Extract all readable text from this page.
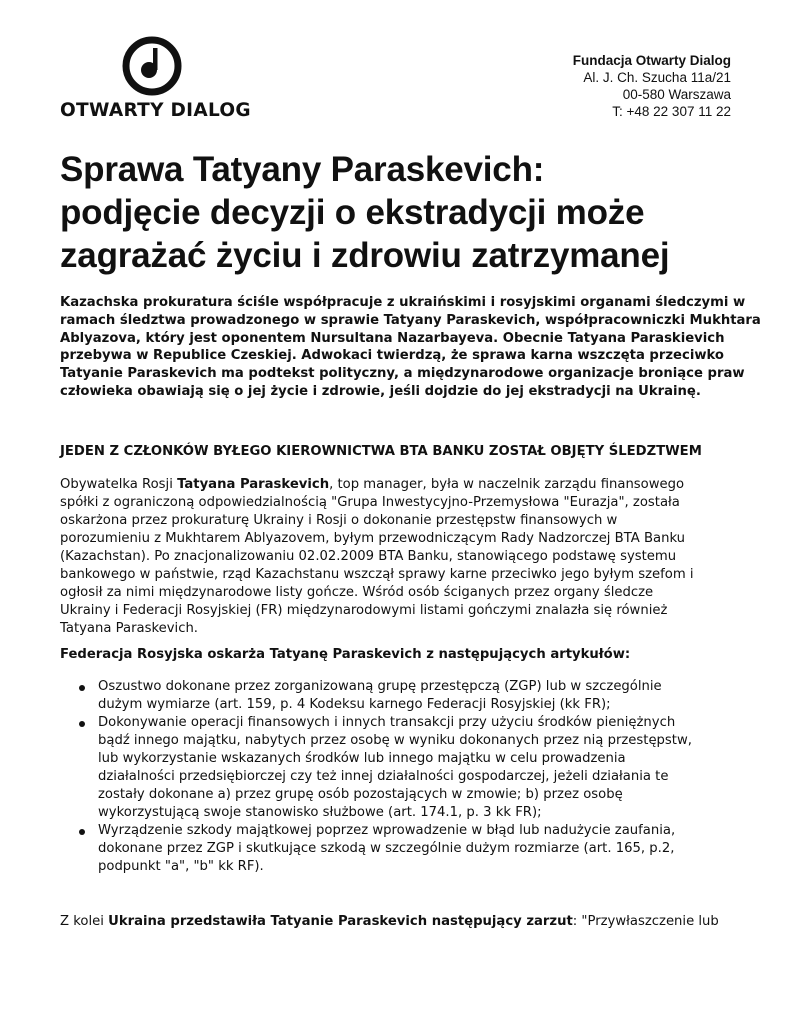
OTWARTY DIALOG
Fundacja Otwarty Dialog
Al. J. Ch. Szucha 11a/21
00-580 Warszawa
T: +48 22 307 11 22
Sprawa Tatyany Paraskevich:
podjęcie decyzji o ekstradycji może
zagrażać życiu i zdrowiu zatrzymanej

Kazachska prokuratura ściśle współpracuje z ukraińskimi i rosyjskimi organami śledczymi w
ramach śledztwa prowadzonego w sprawie Tatyany Paraskevich, współpracowniczki Mukhtara
Ablyazova, który jest oponentem Nursultana Nazarbayeva. Obecnie Tatyana Paraskievich
przebywa w Republice Czeskiej. Adwokaci twierdzą, że sprawa karna wszczęta przeciwko
Tatyanie Paraskevich ma podtekst polityczny, a międzynarodowe organizacje broniące praw
człowieka obawiają się o jej życie i zdrowie, jeśli dojdzie do jej ekstradycji na Ukrainę.

JEDEN Z CZŁONKÓW BYŁEGO KIEROWNICTWA BTA BANKU ZOSTAŁ OBJĘTY ŚLEDZTWEM

Obywatelka Rosji Tatyana Paraskevich, top manager, była w naczelnik zarządu finansowego
spółki z ograniczoną odpowiedzialnością "Grupa Inwestycyjno-Przemysłowa "Eurazja", została
oskarżona przez prokuraturę Ukrainy i Rosji o dokonanie przestępstw finansowych w
porozumieniu z Mukhtarem Ablyazovem, byłym przewodniczącym Rady Nadzorczej BTA Banku
(Kazachstan). Po znacjonalizowaniu 02.02.2009 BTA Banku, stanowiącego podstawę systemu
bankowego w państwie, rząd Kazachstanu wszczął sprawy karne przeciwko jego byłym szefom i
ogłosił za nimi międzynarodowe listy gończe. Wśród osób ściganych przez organy śledcze
Ukrainy i Federacji Rosyjskiej (FR) międzynarodowymi listami gończymi znalazła się również
Tatyana Paraskevich.

Federacja Rosyjska oskarża Tatyanę Paraskevich z następujących artykułów:

Oszustwo dokonane przez zorganizowaną grupę przestępczą (ZGP) lub w szczególnie
dużym wymiarze (art. 159, p. 4 Kodeksu karnego Federacji Rosyjskiej (kk FR);
Dokonywanie operacji finansowych i innych transakcji przy użyciu środków pieniężnych
bądź innego majątku, nabytych przez osobę w wyniku dokonanych przez nią przestępstw,
lub wykorzystanie wskazanych środków lub innego majątku w celu prowadzenia
działalności przedsiębiorczej czy też innej działalności gospodarczej, jeżeli działania te
zostały dokonane a) przez grupę osób pozostających w zmowie; b) przez osobę
wykorzystującą swoje stanowisko służbowe (art. 174.1, p. 3 kk FR);
Wyrządzenie szkody majątkowej poprzez wprowadzenie w błąd lub nadużycie zaufania,
dokonane przez ZGP i skutkujące szkodą w szczególnie dużym rozmiarze (art. 165, p.2,
podpunkt "a", "b" kk RF).

Z kolei Ukraina przedstawiła Tatyanie Paraskevich następujący zarzut: "Przywłaszczenie lub
